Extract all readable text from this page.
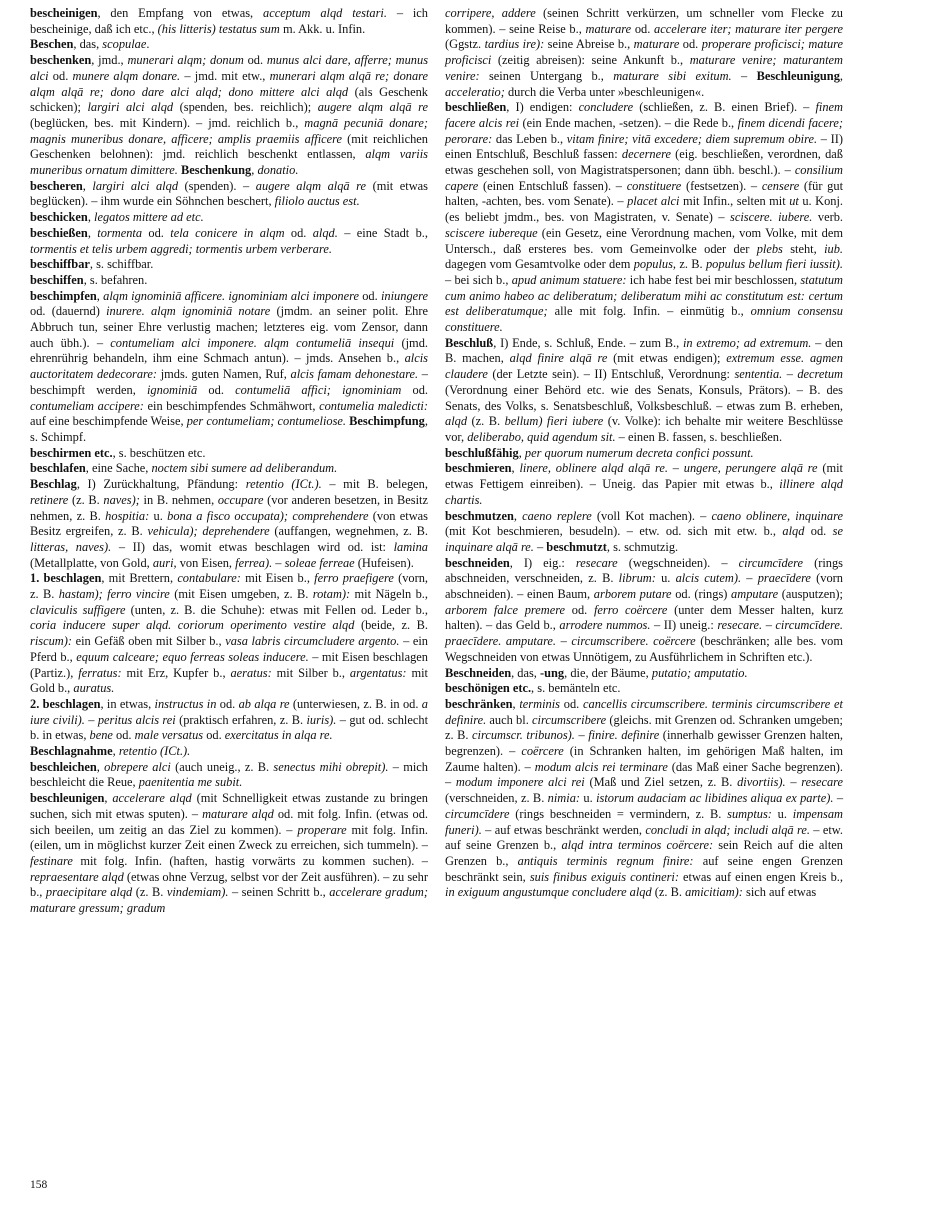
bescheinigen, den Empfang von etwas, acceptum alqd testari. – ich bescheinige, daß ich etc., (his litteris) testatus sum m. Akk. u. Infin.

Beschen, das, scopulae.

beschenken, jmd., munerari alqm; donum od. munus alci dare, afferre; munus alci od. munere alqm donare. – jmd. mit etw., munerari alqm alqā re; donare alqm alqā re; dono dare alci alqd; dono mittere alci alqd (als Geschenk schicken); largiri alci alqd (spenden, bes. reichlich); augere alqm alqā re (beglücken, bes. mit Kindern). – jmd. reichlich b., magnā pecuniā donare; magnis muneribus donare, afficere; amplis praemiis afficere (mit reichlichen Geschenken belohnen): jmd. reichlich beschenkt entlassen, alqm variis muneribus ornatum dimittere. Beschenkung, donatio.

bescheren, largiri alci alqd (spenden). – augere alqm alqā re (mit etwas beglücken). – ihm wurde ein Söhnchen beschert, filiolo auctus est.

beschicken, legatos mittere ad etc.

beschießen, tormenta od. tela conicere in alqm od. alqd. – eine Stadt b., tormentis et telis urbem aggredi; tormentis urbem verberare.

beschiffbar, s. schiffbar.

beschiffen, s. befahren.

beschimpfen, alqm ignominiā afficere. ignominiam alci imponere od. iniungere od. (dauernd) inurere. alqm ignominiā notare (jmdm. an seiner polit. Ehre Abbruch tun, seiner Ehre verlustig machen; letzteres eig. vom Zensor, dann auch übh.). – contumeliam alci imponere. alqm contumeliā insequi (jmd. ehrenrührig behandeln, ihm eine Schmach antun). – jmds. Ansehen b., alcis auctoritatem dedecorare: jmds. guten Namen, Ruf, alcis famam dehonestare. – beschimpft werden, ignominiā od. contumeliā affici; ignominiam od. contumeliam accipere: ein beschimpfendes Schmähwort, contumelia maledicti: auf eine beschimpfende Weise, per contumeliam; contumeliose. Beschimpfung, s. Schimpf.

beschirmen etc., s. beschützen etc.

beschlafen, eine Sache, noctem sibi sumere ad deliberandum.

Beschlag, I) Zurückhaltung, Pfändung: retentio (ICt.). – mit B. belegen, retinere (z. B. naves); in B. nehmen, occupare (vor anderen besetzen, in Besitz nehmen, z. B. hospitia: u. bona a fisco occupata); comprehendere (von etwas Besitz ergreifen, z. B. vehicula); deprehendere (auffangen, wegnehmen, z. B. litteras, naves). – II) das, womit etwas beschlagen wird od. ist: lamina (Metallplatte, von Gold, auri, von Eisen, ferrea). – soleae ferreae (Hufeisen).

1. beschlagen, mit Brettern, contabulare: mit Eisen b., ferro praefigere (vorn, z. B. hastam); ferro vincire (mit Eisen umgeben, z. B. rotam): mit Nägeln b., claviculis suffigere (unten, z. B. die Schuhe): etwas mit Fellen od. Leder b., coria inducere super alqd. coriorum operimento vestire alqd (beide, z. B. riscum): ein Gefäß oben mit Silber b., vasa labris circumcludere argento. – ein Pferd b., equum calceare; equo ferreas soleas inducere. – mit Eisen beschlagen (Partiz.), ferratus: mit Erz, Kupfer b., aeratus: mit Silber b., argentatus: mit Gold b., auratus.

2. beschlagen, in etwas, instructus in od. ab alqa re (unterwiesen, z. B. in od. a iure civili). – peritus alcis rei (praktisch erfahren, z. B. iuris). – gut od. schlecht b. in etwas, bene od. male versatus od. exercitatus in alqa re.

Beschlagnahme, retentio (ICt.).

beschleichen, obrepere alci (auch uneig., z. B. senectus mihi obrepit). – mich beschleicht die Reue, paenitentia me subit.

beschleunigen, accelerare alqd (mit Schnelligkeit etwas zustande zu bringen suchen, sich mit etwas sputen). – maturare alqd od. mit folg. Infin. (etwas od. sich beeilen, um zeitig an das Ziel zu kommen). – properare mit folg. Infin. (eilen, um in möglichst kurzer Zeit einen Zweck zu erreichen, sich tummeln). – festinare mit folg. Infin. (haften, hastig vorwärts zu kommen suchen). – repraesentare alqd (etwas ohne Verzug, selbst vor der Zeit ausführen). – zu sehr b., praecipitare alqd (z. B. vindemiam). – seinen Schritt b., accelerare gradum; maturare gressum; gradum

corripere, addere (seinen Schritt verkürzen, um schneller vom Flecke zu kommen). – seine Reise b., maturare od. accelerare iter; maturare iter pergere (Ggstz. tardius ire): seine Abreise b., maturare od. properare proficisci; mature proficisci (zeitig abreisen): seine Ankunft b., maturare venire; maturantem venire: seinen Untergang b., maturare sibi exitum. – Beschleunigung, acceleratio; durch die Verba unter »beschleunigen«.

beschließen, I) endigen: concludere (schließen, z. B. einen Brief). – finem facere alcis rei (ein Ende machen, -setzen). – die Rede b., finem dicendi facere; perorare: das Leben b., vitam finire; vitā excedere; diem supremum obire. – II) einen Entschluß, Beschluß fassen: decernere (eig. beschließen, verordnen, daß etwas geschehen soll, von Magistratspersonen; dann übh. beschl.). – consilium capere (einen Entschluß fassen). – constituere (festsetzen). – censere (für gut halten, -achten, bes. vom Senate). – placet alci mit Infin., selten mit ut u. Konj. (es beliebt jmdm., bes. von Magistraten, v. Senate) – sciscere. iubere. verb. sciscere iubereque (ein Gesetz, eine Verordnung machen, vom Volke, mit dem Untersch., daß ersteres bes. vom Gemeinvolke oder der plebs steht, iub. dagegen vom Gesamtvolke oder dem populus, z. B. populus bellum fieri iussit). – bei sich b., apud animum statuere: ich habe fest bei mir beschlossen, statutum cum animo habeo ac deliberatum; deliberatum mihi ac constitutum est: certum est deliberatumque; alle mit folg. Infin. – einmütig b., omnium consensu constituere.

Beschluß, I) Ende, s. Schluß, Ende. – zum B., in extremo; ad extremum. – den B. machen, alqd finire alqā re (mit etwas endigen); extremum esse. agmen claudere (der Letzte sein). – II) Entschluß, Verordnung: sententia. – decretum (Verordnung einer Behörd etc. wie des Senats, Konsuls, Prätors). – B. des Senats, des Volks, s. Senatsbeschluß, Volksbeschluß. – etwas zum B. erheben, alqd (z. B. bellum) fieri iubere (v. Volke): ich behalte mir weitere Beschlüsse vor, deliberabo, quid agendum sit. – einen B. fassen, s. beschließen.

beschlußfähig, per quorum numerum decreta confici possunt.

beschmieren, linere, oblinere alqd alqā re. – ungere, perungere alqā re (mit etwas Fettigem einreiben). – Uneig. das Papier mit etwas b., illinere alqd chartis.

beschmutzen, caeno replere (voll Kot machen). – caeno oblinere, inquinare (mit Kot beschmieren, besudeln). – etw. od. sich mit etw. b., alqd od. se inquinare alqā re. – beschmutzt, s. schmutzig.

beschneiden, I) eig.: resecare (wegschneiden). – circumcīdere (rings abschneiden, verschneiden, z. B. librum: u. alcis cutem). – praecīdere (vorn abschneiden). – einen Baum, arborem putare od. (rings) amputare (ausputzen); arborem falce premere od. ferro coërcere (unter dem Messer halten, kurz halten). – das Geld b., arrodere nummos. – II) uneig.: resecare. – circumcīdere. praecīdere. amputare. – circumscribere. coërcere (beschränken; alle bes. vom Wegschneiden von etwas Unnötigem, zu Ausführlichem in Schriften etc.).

Beschneiden, das, -ung, die, der Bäume, putatio; amputatio.

beschönigen etc., s. bemänteln etc.

beschränken, terminis od. cancellis circumscribere. terminis circumscribere et definire. auch bl. circumscribere (gleichs. mit Grenzen od. Schranken umgeben; z. B. circumscr. tribunos). – finire. definire (innerhalb gewisser Grenzen halten, begrenzen). – coërcere (in Schranken halten, im gehörigen Maß halten, im Zaume halten). – modum alcis rei terminare (das Maß einer Sache begrenzen). – modum imponere alci rei (Maß und Ziel setzen, z. B. divortiis). – resecare (verschneiden, z. B. nimia: u. istorum audaciam ac libidines aliqua ex parte). – circumcīdere (rings beschneiden = vermindern, z. B. sumptus: u. impensam funeri). – auf etwas beschränkt werden, concludi in alqd; includi alqā re. – etw. auf seine Grenzen b., alqd intra terminos coërcere: sein Reich auf die alten Grenzen b., antiquis terminis regnum finire: auf seine engen Grenzen beschränkt sein, suis finibus exiguis contineri: etwas auf einen engen Kreis b., in exiguum angustumque concludere alqd (z. B. amicitiam): sich auf etwas

158
